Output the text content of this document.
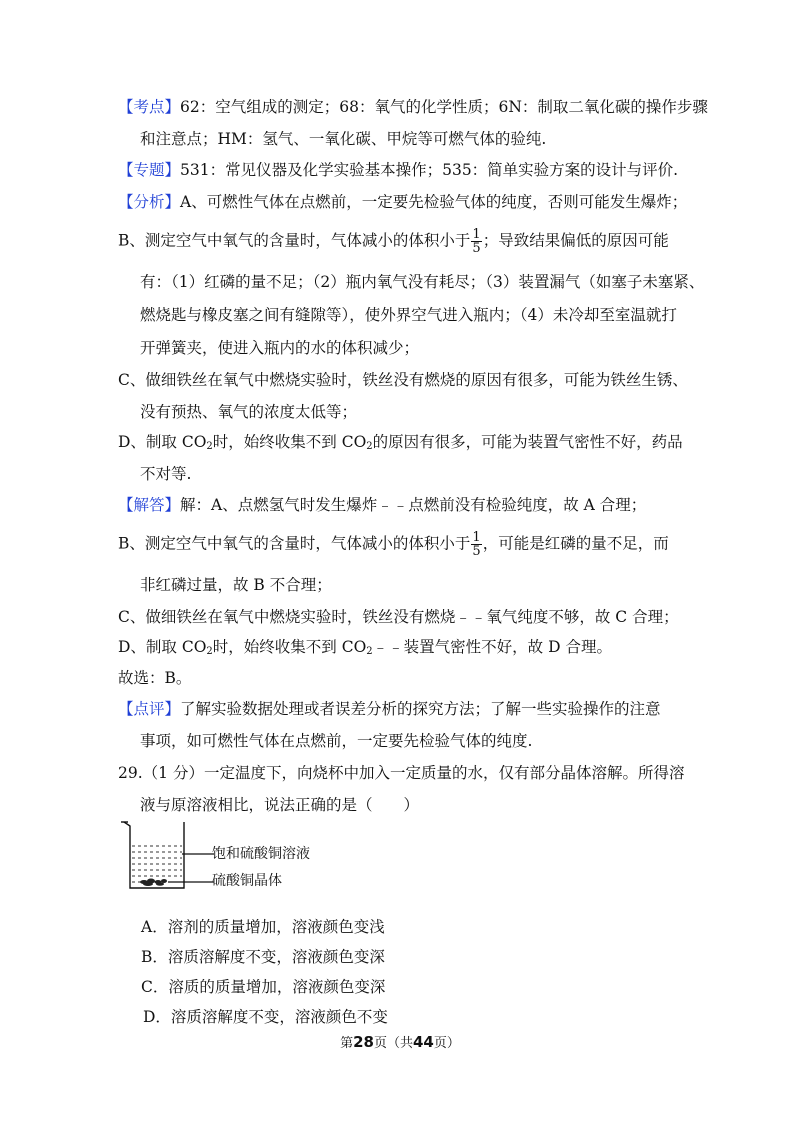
【考点】62：空气组成的测定；68：氧气的化学性质；6N：制取二氧化碳的操作步骤
和注意点；HM：氢气、一氧化碳、甲烷等可燃气体的验纯.
【专题】531：常见仪器及化学实验基本操作；535：简单实验方案的设计与评价.
【分析】A、可燃性气体在点燃前，一定要先检验气体的纯度，否则可能发生爆炸；
B、测定空气中氧气的含量时，气体减小的体积小于 $\frac{1}{5}$ ；导致结果偏低的原因可能
有：（1）红磷的量不足；（2）瓶内氧气没有耗尽；（3）装置漏气（如塞子未塞紧、
燃烧匙与橡皮塞之间有缝隙等），使外界空气进入瓶内；（4）未冷却至室温就打
开弹簧夹，使进入瓶内的水的体积减少；
C、做细铁丝在氧气中燃烧实验时，铁丝没有燃烧的原因有很多，可能为铁丝生锈、
没有预热、氧气的浓度太低等；
D、制取 $CO_2$时，始终收集不到 $CO_2$的原因有很多，可能为装置气密性不好，药品
不对等.
【解答】解：A、点燃氢气时发生爆炸﹣﹣点燃前没有检验纯度，故 A 合理；
B、测定空气中氧气的含量时，气体减小的体积小于 $\frac{1}{5}$ ，可能是红磷的量不足，而
非红磷过量，故 B 不合理；
C、做细铁丝在氧气中燃烧实验时，铁丝没有燃烧﹣﹣氧气纯度不够，故 C 合理；
D、制取 $CO_2$时，始终收集不到 $CO_2﹣﹣$装置气密性不好，故 D 合理。
故选：B。
【点评】了解实验数据处理或者误差分析的探究方法；了解一些实验操作的注意
事项，如可燃性气体在点燃前，一定要先检验气体的纯度.
29.（1 分）一定温度下，向烧杯中加入一定质量的水，仅有部分晶体溶解。所得溶
液与原溶液相比，说法正确的是（　　）
饱和硫酸铜溶液
硫酸铜晶体
A．溶剂的质量增加，溶液颜色变浅
B．溶质溶解度不变，溶液颜色变深
C．溶质的质量增加，溶液颜色变深
D．溶质溶解度不变，溶液颜色不变
第28页（共44页）
